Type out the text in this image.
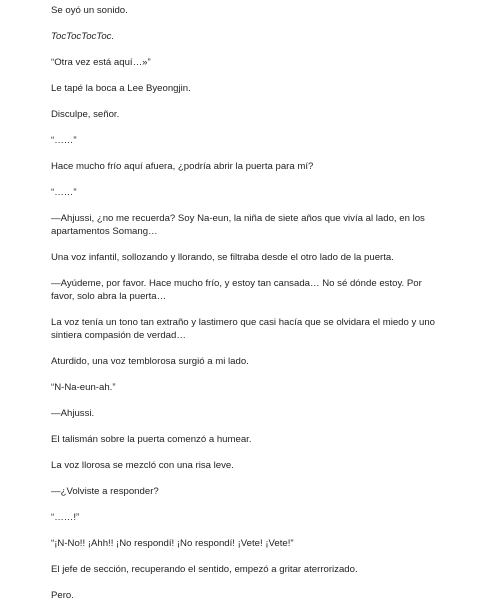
Se oyó un sonido.

TocTocTocToc.

“Otra vez está aquí…»”

Le tapé la boca a Lee Byeongjin.

Disculpe, señor.

“……”

Hace mucho frío aquí afuera, ¿podría abrir la puerta para mí?

“……”

—Ahjussi, ¿no me recuerda? Soy Na-eun, la niña de siete años que vivía al lado, en los apartamentos Somang…

Una voz infantil, sollozando y llorando, se filtraba desde el otro lado de la puerta.

—Ayúdeme, por favor. Hace mucho frío, y estoy tan cansada… No sé dónde estoy. Por favor, solo abra la puerta…

La voz tenía un tono tan extraño y lastimero que casi hacía que se olvidara el miedo y uno sintiera compasión de verdad…

Aturdido, una voz temblorosa surgió a mi lado.

“N-Na-eun-ah.”

—Ahjussi.

El talismán sobre la puerta comenzó a humear.

La voz llorosa se mezcló con una risa leve.

—¿Volviste a responder?

“……!”

“¡N-No!! ¡Ahh!! ¡No respondí! ¡No respondí! ¡Vete! ¡Vete!”

El jefe de sección, recuperando el sentido, empezó a gritar aterrorizado.

Pero.
